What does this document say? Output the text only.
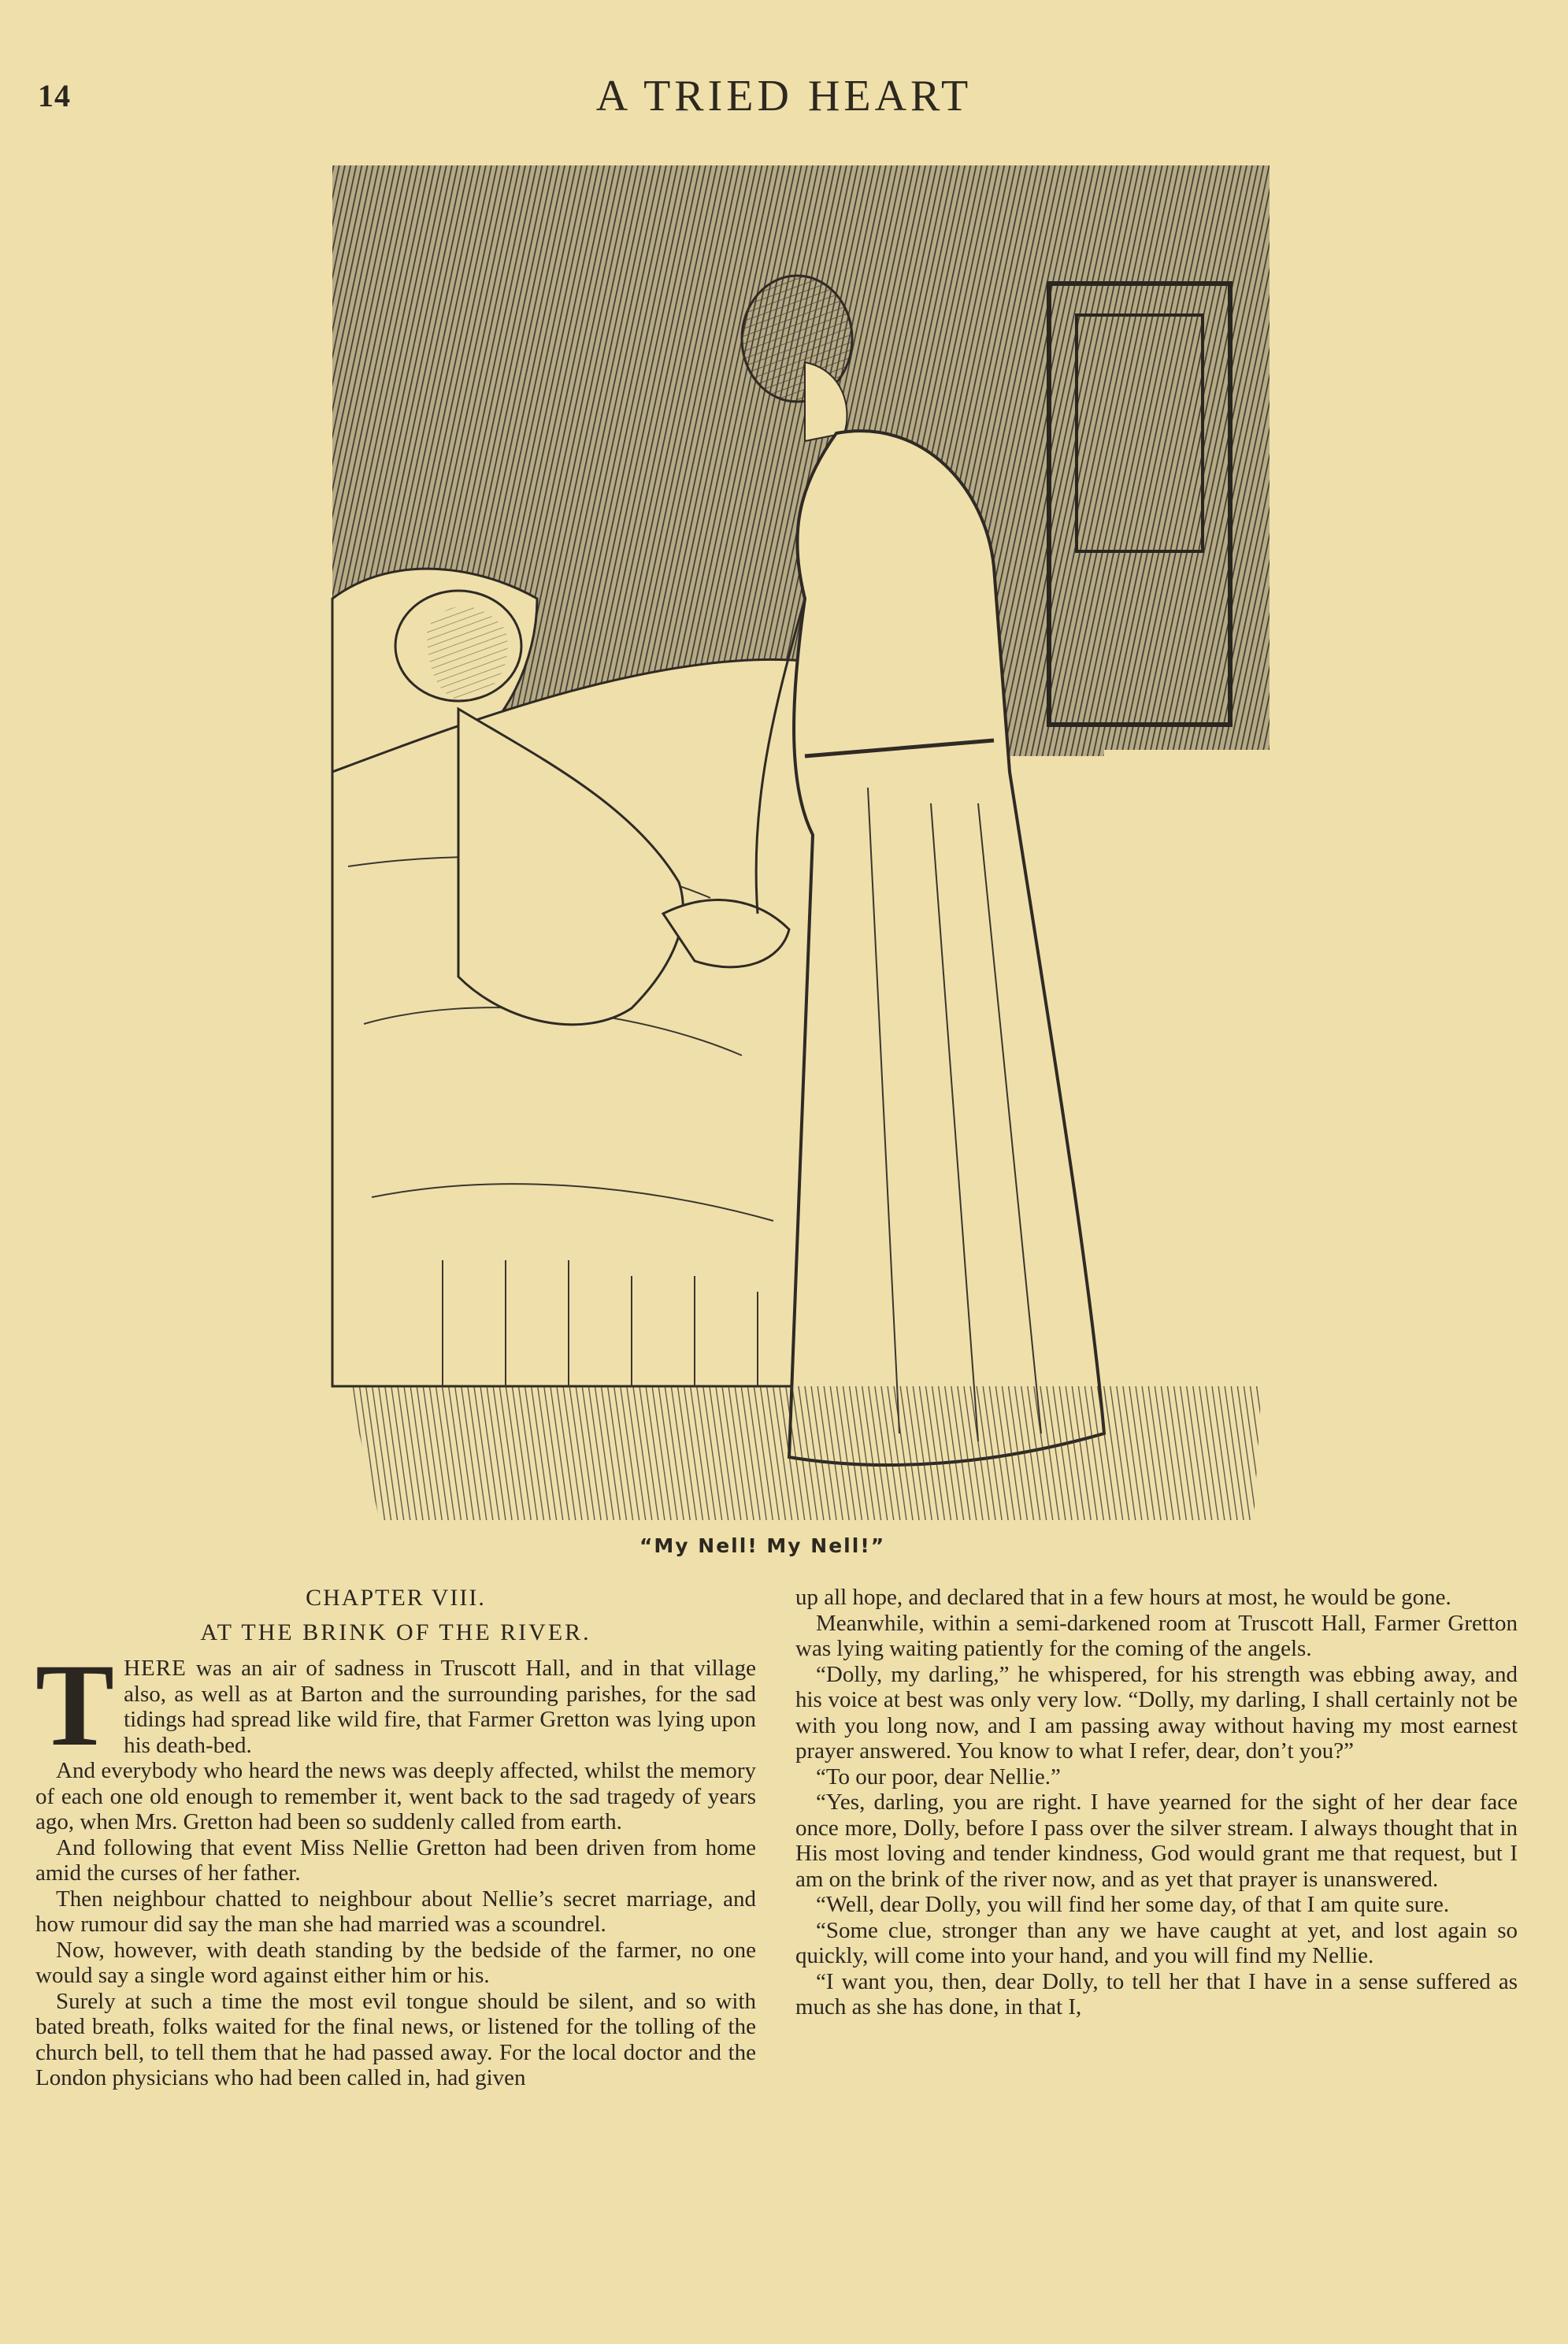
14	A TRIED HEART
“My Nell! My Nell!”
CHAPTER VIII.
AT THE BRINK OF THE RIVER.

THERE was an air of sadness in Truscott Hall, and in that village also, as well as at Barton and the surrounding parishes, for the sad tidings had spread like wild fire, that Farmer Gretton was lying upon his death-bed.

And everybody who heard the news was deeply affected, whilst the memory of each one old enough to remember it, went back to the sad tragedy of years ago, when Mrs. Gretton had been so suddenly called from earth.

And following that event Miss Nellie Gretton had been driven from home amid the curses of her father.

Then neighbour chatted to neighbour about Nellie’s secret marriage, and how rumour did say the man she had married was a scoundrel.

Now, however, with death standing by the bedside of the farmer, no one would say a single word against either him or his.

Surely at such a time the most evil tongue should be silent, and so with bated breath, folks waited for the final news, or listened for the tolling of the church bell, to tell them that he had passed away. For the local doctor and the London physicians who had been called in, had given

up all hope, and declared that in a few hours at most, he would be gone.

Meanwhile, within a semi-darkened room at Truscott Hall, Farmer Gretton was lying waiting patiently for the coming of the angels.

“Dolly, my darling,” he whispered, for his strength was ebbing away, and his voice at best was only very low. “Dolly, my darling, I shall certainly not be with you long now, and I am passing away without having my most earnest prayer answered. You know to what I refer, dear, don’t you?”

“To our poor, dear Nellie.”

“Yes, darling, you are right. I have yearned for the sight of her dear face once more, Dolly, before I pass over the silver stream. I always thought that in His most loving and tender kindness, God would grant me that request, but I am on the brink of the river now, and as yet that prayer is unanswered.

“Well, dear Dolly, you will find her some day, of that I am quite sure.

“Some clue, stronger than any we have caught at yet, and lost again so quickly, will come into your hand, and you will find my Nellie.

“I want you, then, dear Dolly, to tell her that I have in a sense suffered as much as she has done, in that I,
